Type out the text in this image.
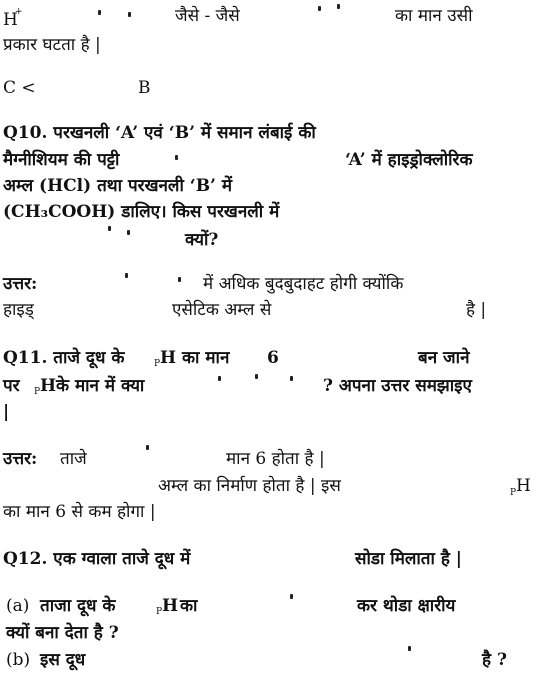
H
+	जैसे - जैसे	का मान उसी
प्रकार घटता है |
C <	B
Q10. परखनली ‘A’ एवं ‘B’ में समान लंबाई की
मैग्नीशियम की पट्टी	‘A’ में हाइड्रोक्लोरिक
अम्ल (HCl) तथा परखनली ‘B’ में
(CH₃COOH) डालिए। किस परखनली में
क्यों?
उत्तर:	में अधिक बुदबुदाहट होगी क्योंकि
हाइड्	एसेटिक अम्ल से	है |
Q11. ताजे दूध के	P H का मान 6	बन जाने
पर P H के मान में क्या	? अपना उत्तर समझाइए
|
उत्तर: ताजे	मान 6 होता है |
अम्ल का निर्माण होता है | इस	P H
का मान 6 से कम होगा |
Q12. एक ग्वाला ताजे दूध में	सोडा मिलाता है |
(a) ताजा दूध के	P H का	कर थोडा क्षारीय
क्यों बना देता है ?
(b) इस दूध	है ?
